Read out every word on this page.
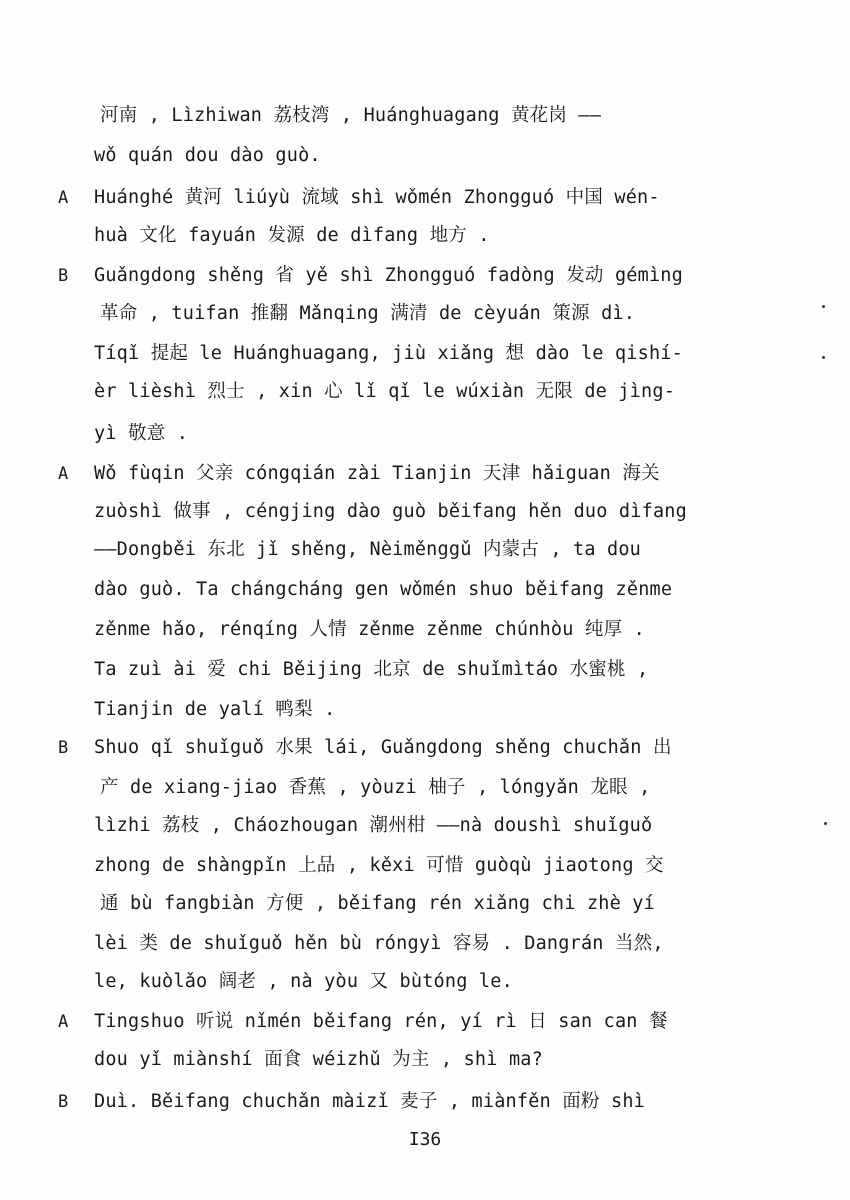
河南 , Lìzhiwan 荔枝湾 , Huánghuagang 黄花岗 ——
wǒ quán dou dào guò.
A	Huánghé 黄河 liúyù 流域 shì wǒmén Zhongguó 中国 wén-
huà 文化 fayuán 发源 de dìfang 地方 .
B	Guǎngdong shěng 省 yě shì Zhongguó fadòng 发动 gémìng
革命 , tuifan 推翻 Mǎnqing 满清 de cèyuán 策源 dì.
Tíqǐ 提起 le Huánghuagang, jiù xiǎng 想 dào le qishí-
èr lièshì 烈士 , xin 心 lǐ qǐ le wúxiàn 无限 de jìng-
yì 敬意 .
A	Wǒ fùqin 父亲 cóngqián zài Tianjin 天津 hǎiguan 海关
zuòshì 做事 , céngjing dào guò běifang hěn duo dìfang
——Dongběi 东北 jǐ shěng, Nèiměnggǔ 内蒙古 , ta dou
dào guò. Ta chángcháng gen wǒmén shuo běifang zěnme
zěnme hǎo, rénqíng 人情 zěnme zěnme chúnhòu 纯厚 .
Ta zuì ài 爱 chi Běijing 北京 de shuǐmìtáo 水蜜桃 ,
Tianjin de yalí 鸭梨 .
B	Shuo qǐ shuǐguǒ 水果 lái, Guǎngdong shěng chuchǎn 出
产 de xiang-jiao 香蕉 , yòuzi 柚子 , lóngyǎn 龙眼 ,
lìzhi 荔枝 , Cháozhougan 潮州柑 ——nà doushì shuǐguǒ
zhong de shàngpǐn 上品 , kěxi 可惜 guòqù jiaotong 交
通 bù fangbiàn 方便 , běifang rén xiǎng chi zhè yí
lèi 类 de shuǐguǒ hěn bù róngyì 容易 . Dangrán 当然,
le, kuòlǎo 阔老 , nà yòu 又 bùtóng le.
A	Tingshuo 听说 nǐmén běifang rén, yí rì 日 san can 餐
dou yǐ miànshí 面食 wéizhǔ 为主 , shì ma?
B	Duì. Běifang chuchǎn màizǐ 麦子 , miànfěn 面粉 shì
I36
